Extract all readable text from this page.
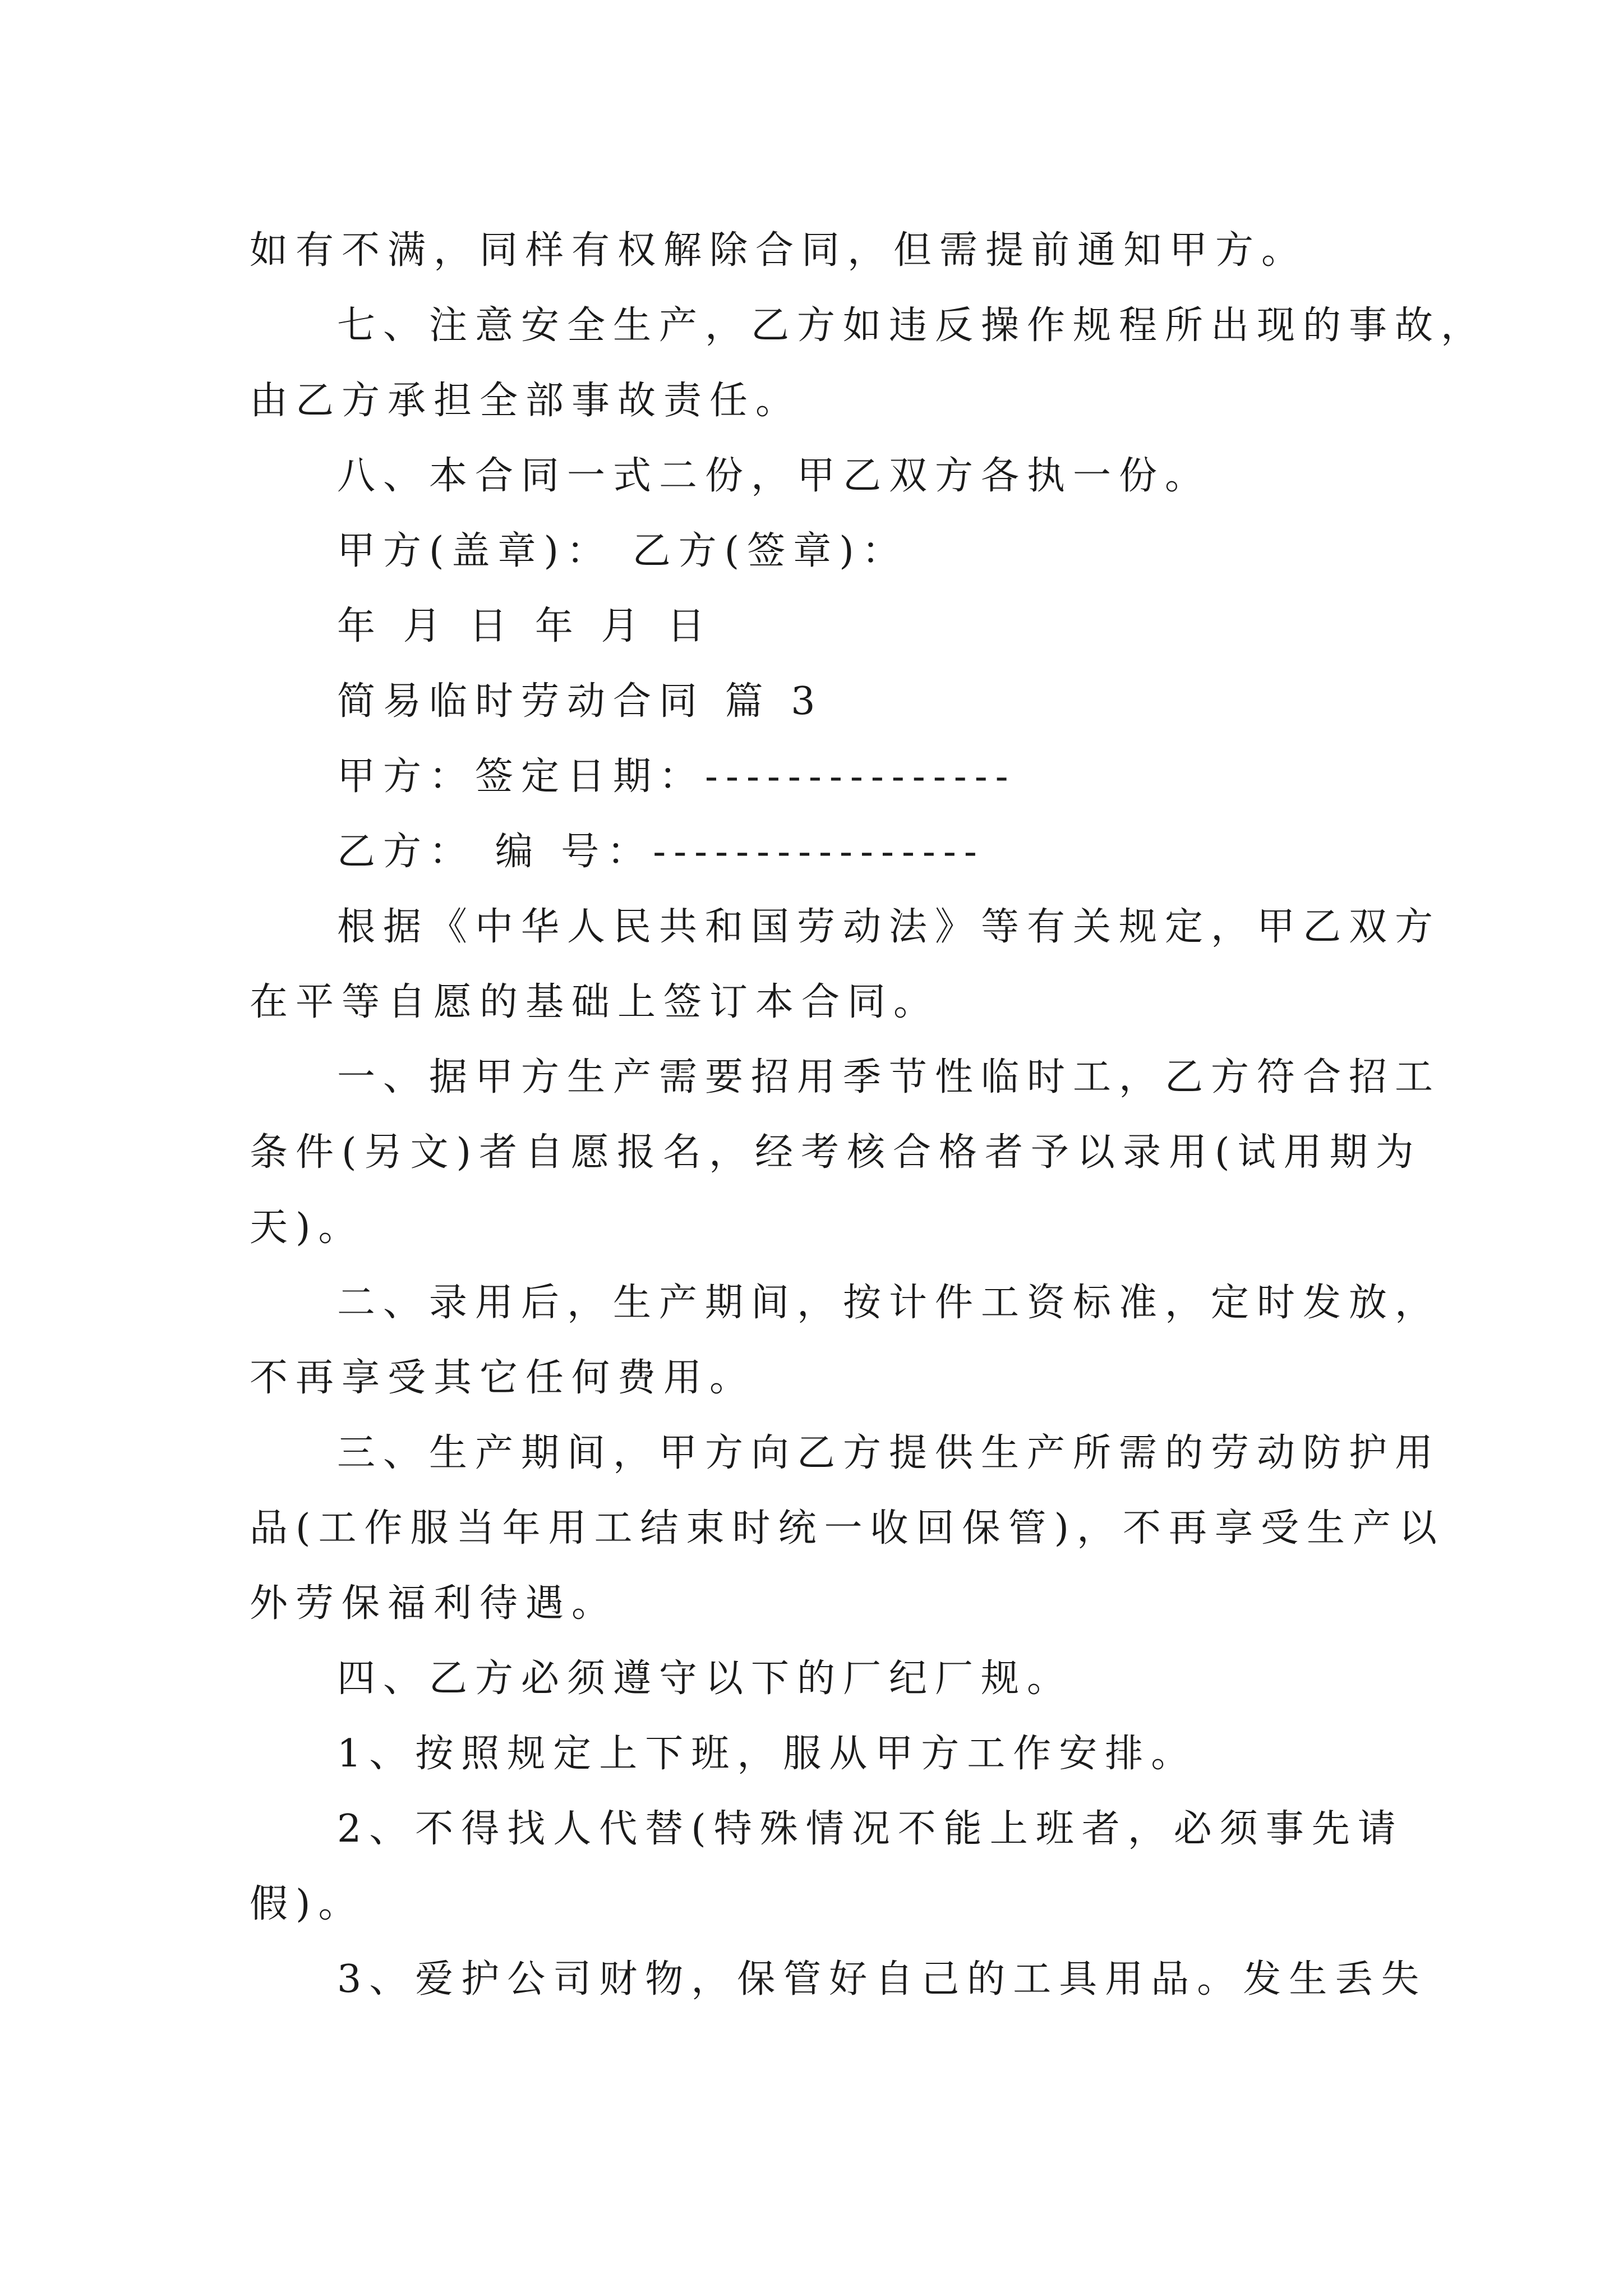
如有不满，同样有权解除合同，但需提前通知甲方。

七、注意安全生产，乙方如违反操作规程所出现的事故，

由乙方承担全部事故责任。

八、本合同一式二份，甲乙双方各执一份。

甲方(盖章)： 乙方(签章)：

年 月 日 年 月 日

简易临时劳动合同 篇 3

甲方：签定日期：---------------

乙方： 编 号：----------------

根据《中华人民共和国劳动法》等有关规定，甲乙双方

在平等自愿的基础上签订本合同。

一、据甲方生产需要招用季节性临时工，乙方符合招工

条件(另文)者自愿报名，经考核合格者予以录用(试用期为

天)。

二、录用后，生产期间，按计件工资标准，定时发放，

不再享受其它任何费用。

三、生产期间，甲方向乙方提供生产所需的劳动防护用

品(工作服当年用工结束时统一收回保管)，不再享受生产以

外劳保福利待遇。

四、乙方必须遵守以下的厂纪厂规。

1、按照规定上下班，服从甲方工作安排。

2、不得找人代替(特殊情况不能上班者，必须事先请

假)。

3、爱护公司财物，保管好自己的工具用品。发生丢失
